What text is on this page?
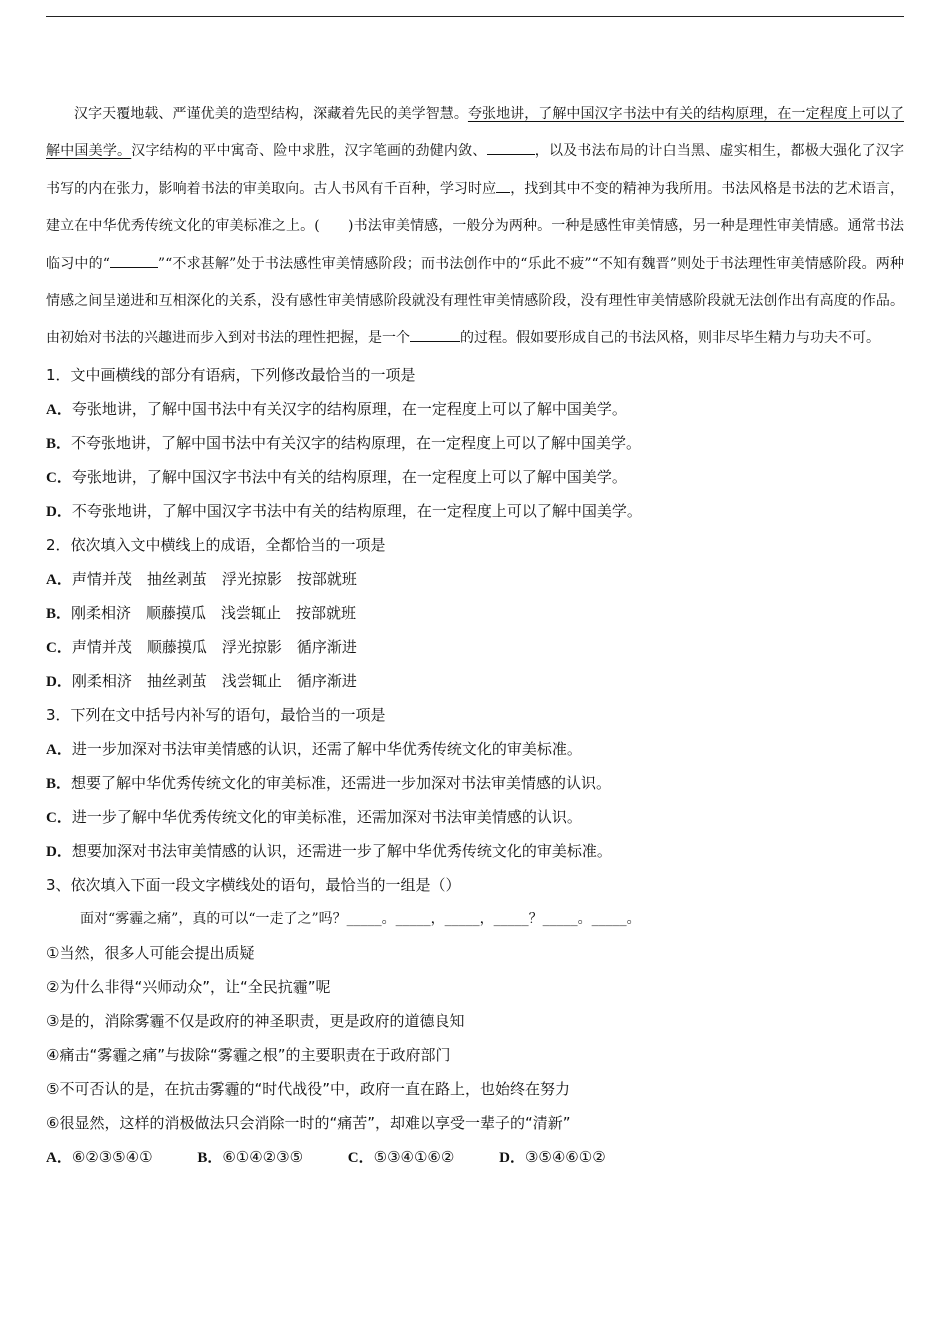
汉字天覆地载、严谨优美的造型结构，深藏着先民的美学智慧。夸张地讲，了解中国汉字书法中有关的结构原理，在一定程度上可以了解中国美学。汉字结构的平中寓奇、险中求胜，汉字笔画的劲健内敛、	，以及书法布局的计白当黑、虚实相生，都极大强化了汉字书写的内在张力，影响着书法的审美取向。古人书风有千百种，学习时应 ，找到其中不变的精神为我所用。书法风格是书法的艺术语言，建立在中华优秀传统文化的审美标准之上。(　　)书法审美情感，一般分为两种。一种是感性审美情感，另一种是理性审美情感。通常书法临习中的“	”“不求甚解”处于书法感性审美情感阶段；而书法创作中的“乐此不疲”“不知有魏晋”则处于书法理性审美情感阶段。两种情感之间呈递进和互相深化的关系，没有感性审美情感阶段就没有理性审美情感阶段，没有理性审美情感阶段就无法创作出有高度的作品。由初始对书法的兴趣进而步入到对书法的理性把握，是一个	的过程。假如要形成自己的书法风格，则非尽毕生精力与功夫不可。

1．文中画横线的部分有语病，下列修改最恰当的一项是
A．夸张地讲，了解中国书法中有关汉字的结构原理，在一定程度上可以了解中国美学。
B．不夸张地讲，了解中国书法中有关汉字的结构原理，在一定程度上可以了解中国美学。
C．夸张地讲，了解中国汉字书法中有关的结构原理，在一定程度上可以了解中国美学。
D．不夸张地讲，了解中国汉字书法中有关的结构原理，在一定程度上可以了解中国美学。
2．依次填入文中横线上的成语，全都恰当的一项是
A．声情并茂　抽丝剥茧　浮光掠影　按部就班
B．刚柔相济　顺藤摸瓜　浅尝辄止　按部就班
C．声情并茂　顺藤摸瓜　浮光掠影　循序渐进
D．刚柔相济　抽丝剥茧　浅尝辄止　循序渐进
3．下列在文中括号内补写的语句，最恰当的一项是
A．进一步加深对书法审美情感的认识，还需了解中华优秀传统文化的审美标准。
B．想要了解中华优秀传统文化的审美标准，还需进一步加深对书法审美情感的认识。
C．进一步了解中华优秀传统文化的审美标准，还需加深对书法审美情感的认识。
D．想要加深对书法审美情感的认识，还需进一步了解中华优秀传统文化的审美标准。
3、依次填入下面一段文字横线处的语句，最恰当的一组是（）
面对“雾霾之痛”，真的可以“一走了之”吗？_____。_____，_____，_____？_____。_____。
①当然，很多人可能会提出质疑
②为什么非得“兴师动众”，让“全民抗霾”呢
③是的，消除雾霾不仅是政府的神圣职责，更是政府的道德良知
④痛击“雾霾之痛”与拔除“雾霾之根”的主要职责在于政府部门
⑤不可否认的是，在抗击雾霾的“时代战役”中，政府一直在路上，也始终在努力
⑥很显然，这样的消极做法只会消除一时的“痛苦”，却难以享受一辈子的“清新”
A．⑥②③⑤④①	B．⑥①④②③⑤	C．⑤③④①⑥②	D．③⑤④⑥①②
